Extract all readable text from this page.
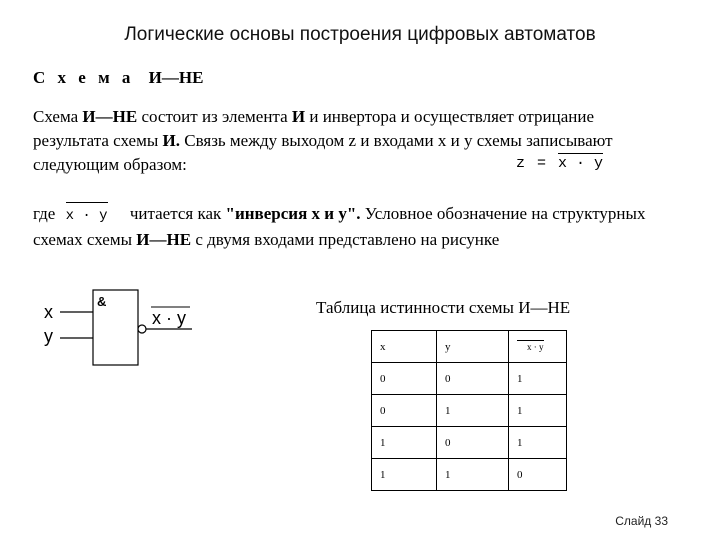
Логические основы построения цифровых автоматов
С х е м а И—НЕ
Схема И—НЕ состоит из элемента И и инвертора и осуществляет отрицание результата схемы И. Связь между выходом z и входами x и y схемы записывают следующим образом:	z = x · y
где x · y читается как "инверсия x и y". Условное обозначение на структурных схемах схемы И—НЕ с двумя входами представлено на рисунке
x
y
&
x · y
Таблица истинности схемы И—НЕ
x	y	x · y
0	0	1
0	1	1
1	0	1
1	1	0
Слайд 33
